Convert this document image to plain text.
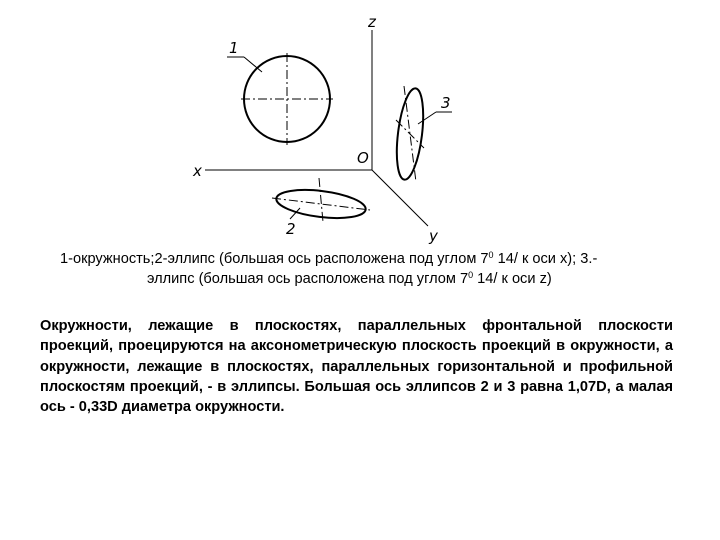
z
x
y
O
1
2
3
1-окружность;2-эллипс (большая ось расположена под углом $7^0$ 14/ к оси x); 3.-
эллипс (большая ось расположена под углом $7^0$ 14/ к оси z)
Окружности, лежащие в плоскостях, параллельных фронтальной плоскости проекций, проецируются на аксонометрическую плоскость проекций в окружности, а окружности, лежащие в плоскостях, параллельных горизонтальной и профильной плоскостям проекций, - в эллипсы. Большая ось эллипсов 2 и 3 равна 1,07D, а малая ось - 0,33D диаметра окружности.
